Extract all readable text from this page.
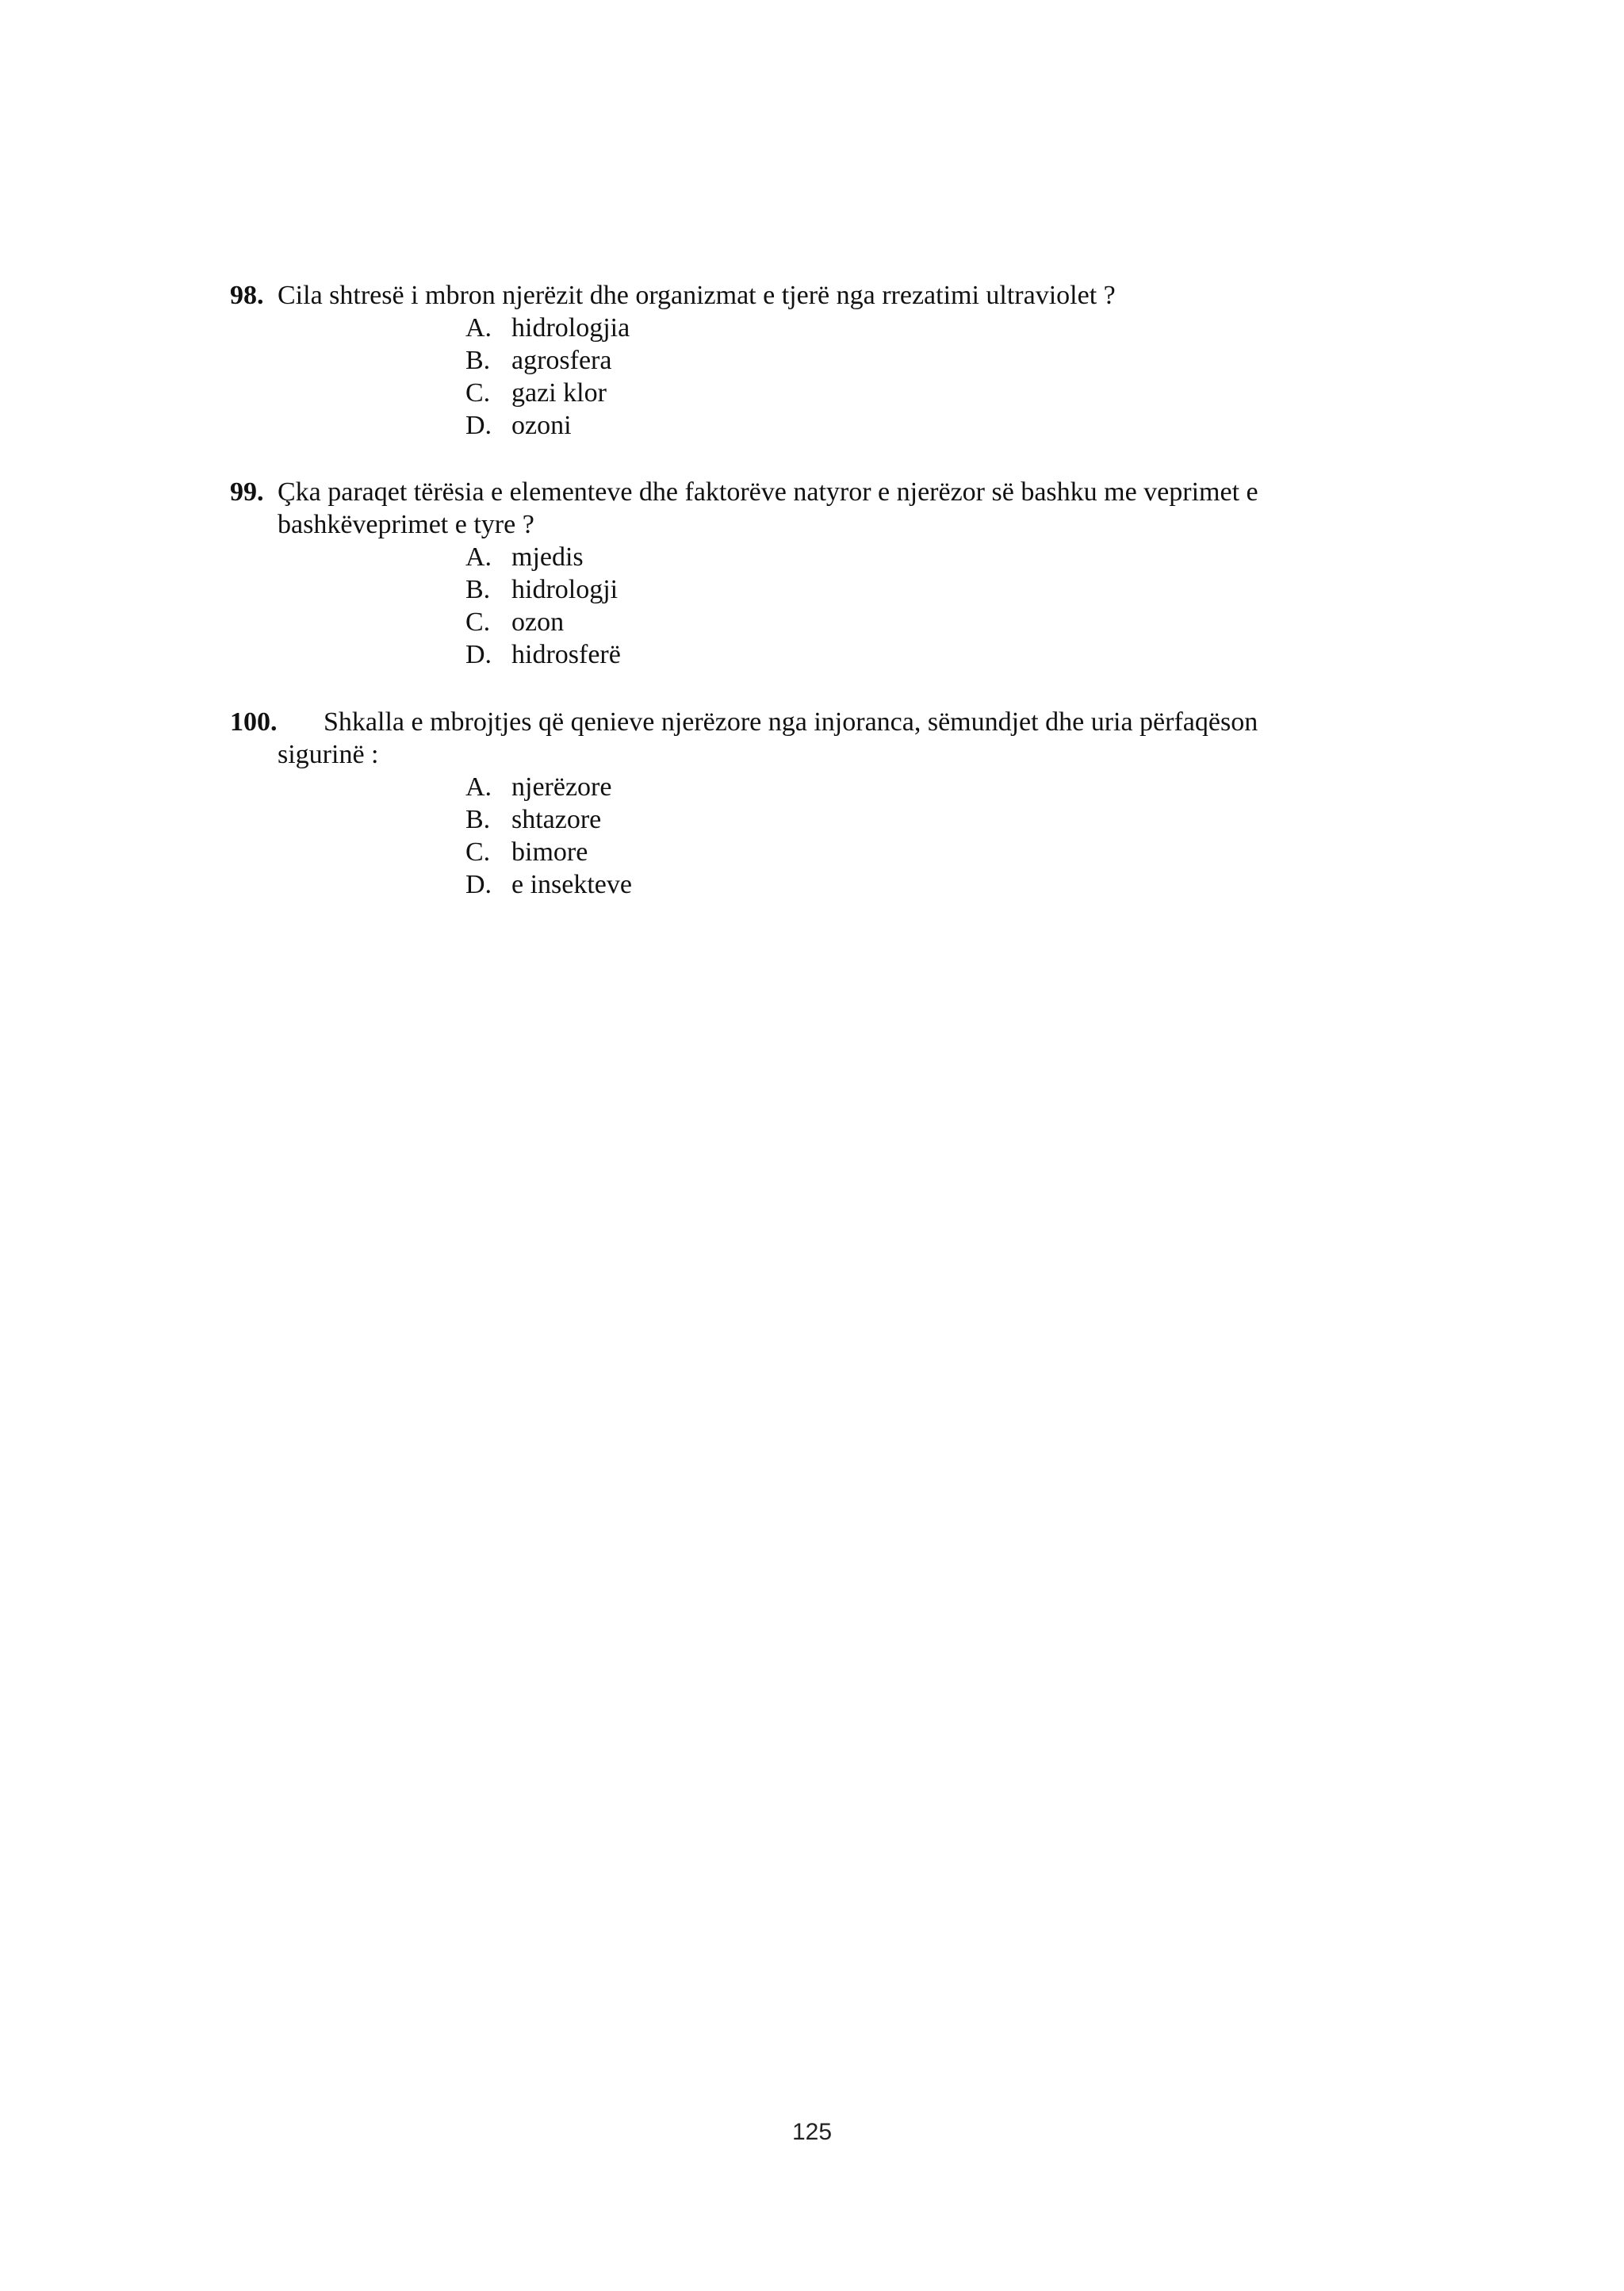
98. Cila shtresë i mbron njerëzit dhe organizmat e tjerë nga rrezatimi ultraviolet ?
A. hidrologjia
B. agrosfera
C. gazi klor
D. ozoni
99. Çka paraqet tërësia e elementeve dhe faktorëve natyror e njerëzor së bashku me veprimet e
bashkëveprimet e tyre ?
A. mjedis
B. hidrologji
C. ozon
D. hidrosferë
100. Shkalla e mbrojtjes që qenieve njerëzore nga injoranca, sëmundjet dhe uria përfaqëson
sigurinë :
A. njerëzore
B. shtazore
C. bimore
D. e insekteve
125
